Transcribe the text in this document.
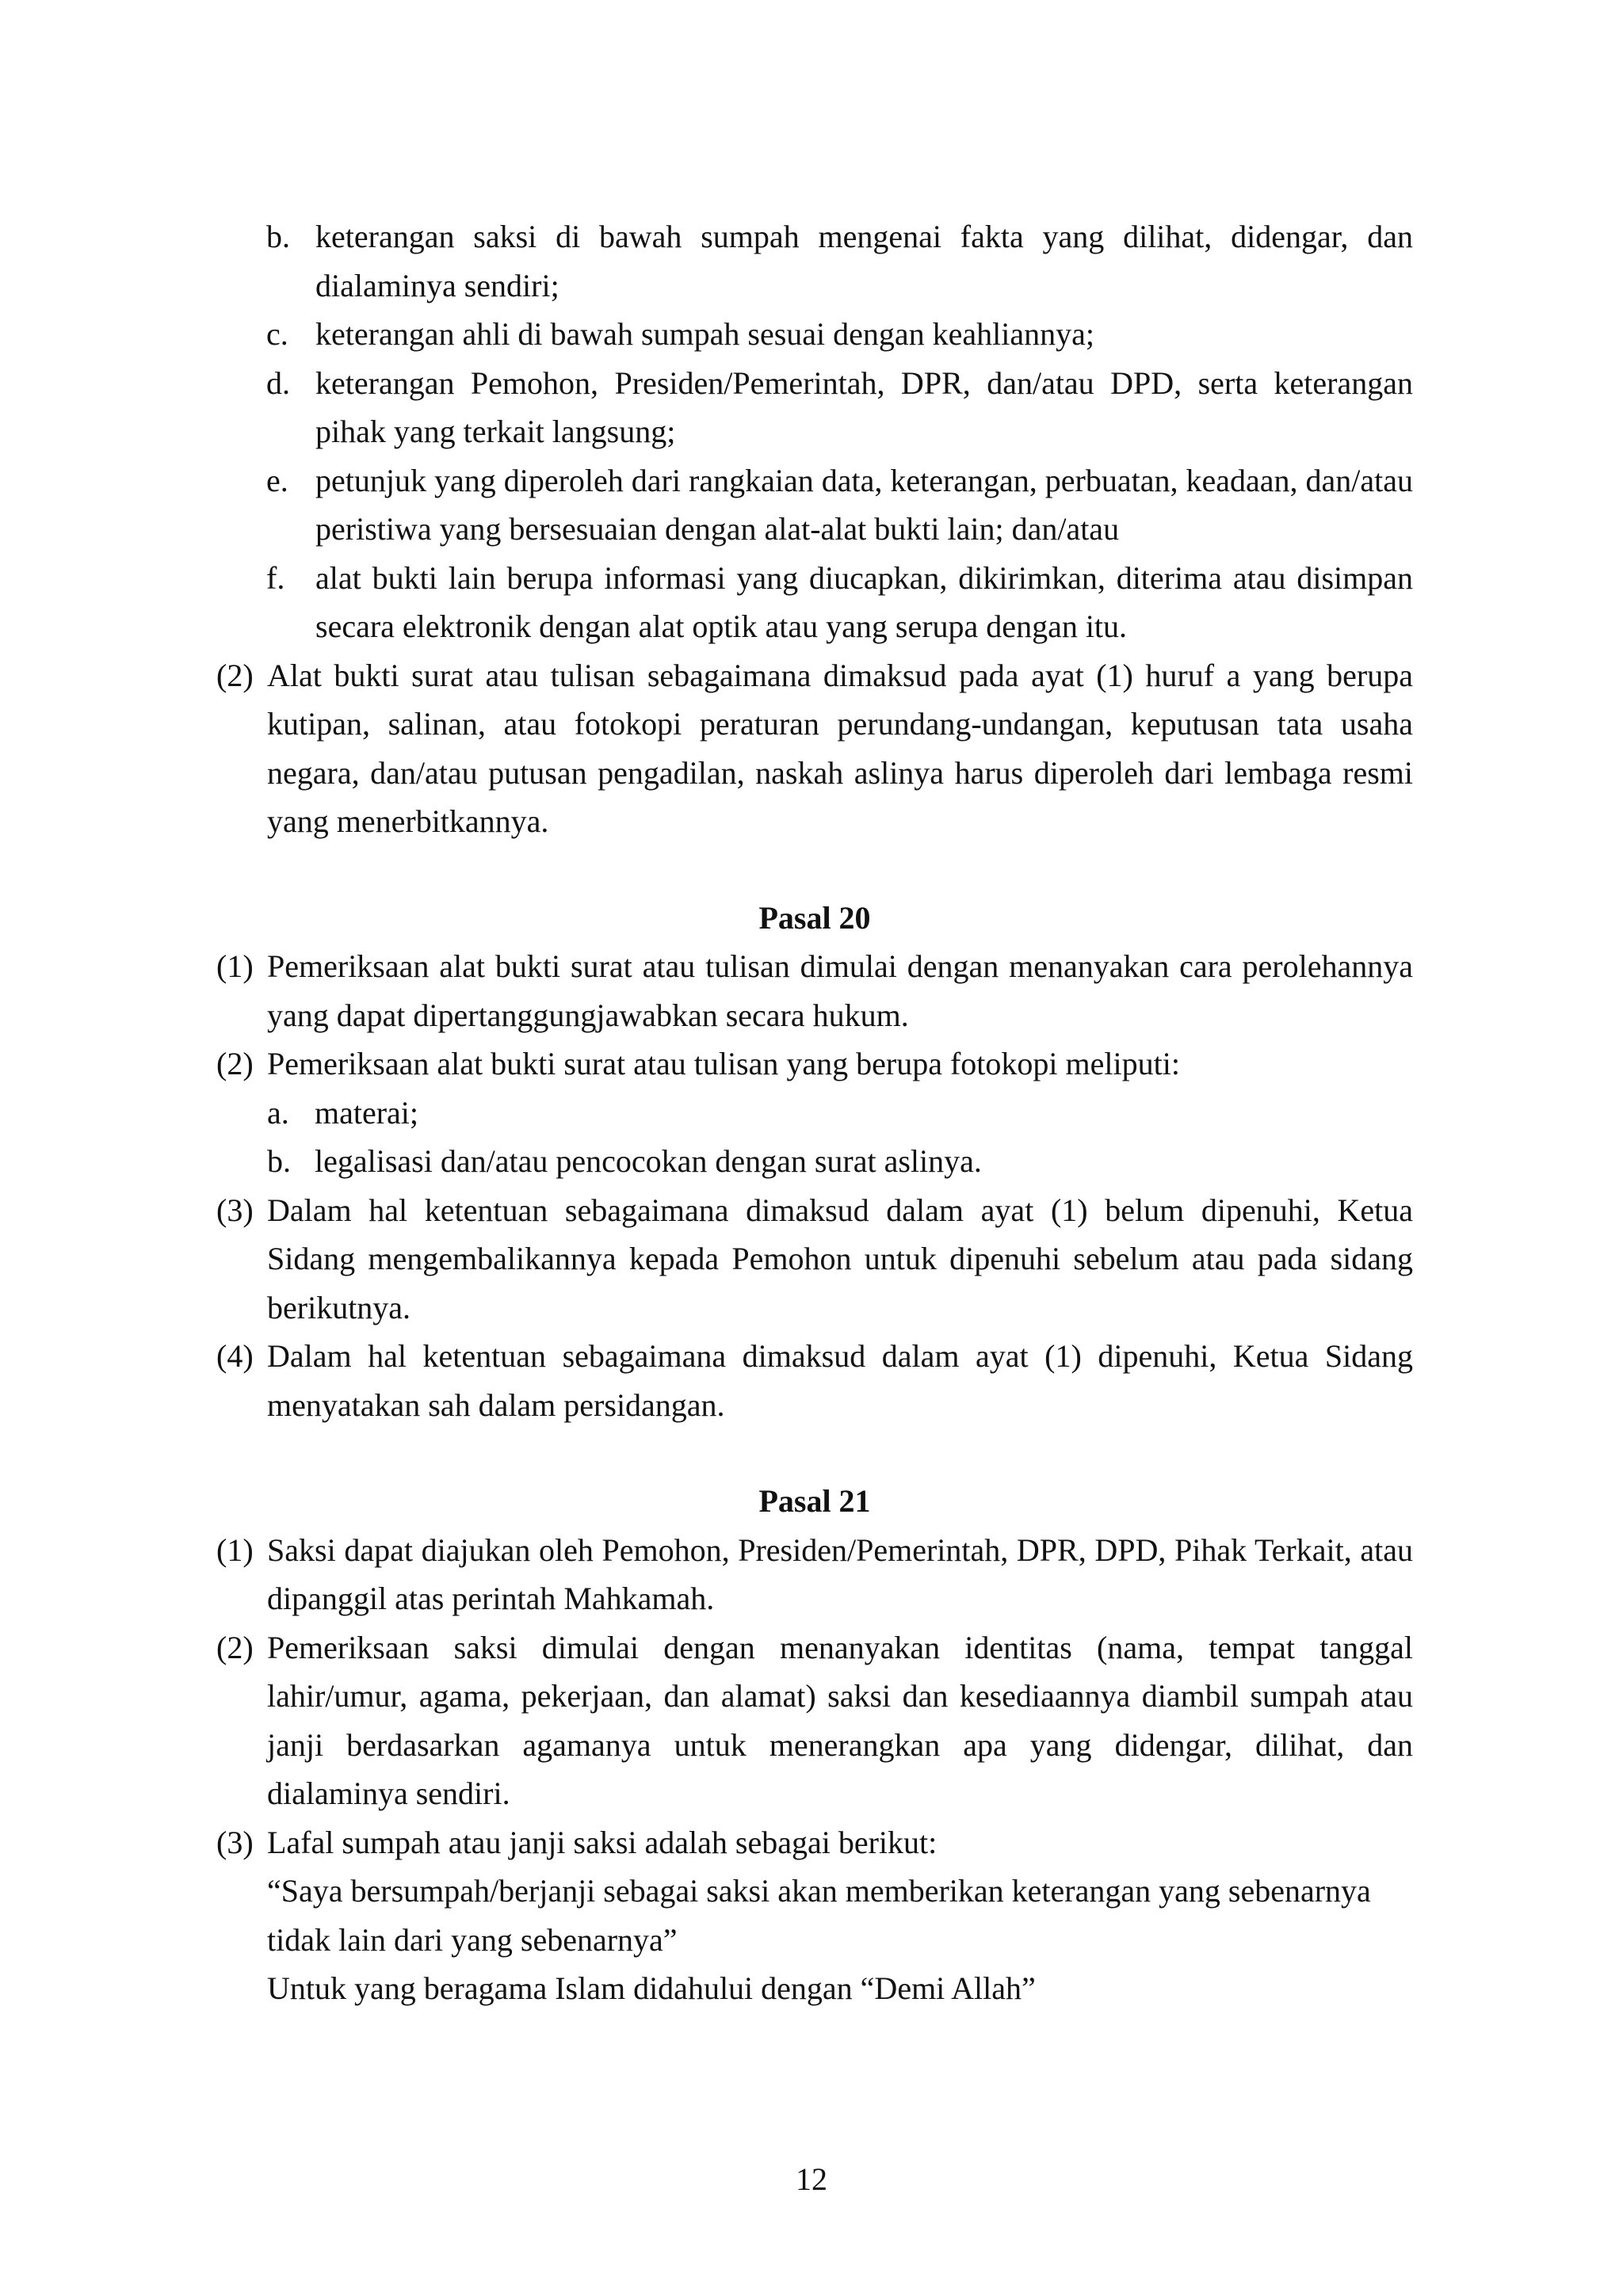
b. keterangan saksi di bawah sumpah mengenai fakta yang dilihat, didengar, dan dialaminya sendiri;

c. keterangan ahli di bawah sumpah sesuai dengan keahliannya;

d. keterangan Pemohon, Presiden/Pemerintah, DPR, dan/atau DPD, serta keterangan pihak yang terkait langsung;

e. petunjuk yang diperoleh dari rangkaian data, keterangan, perbuatan, keadaan, dan/atau peristiwa yang bersesuaian dengan alat-alat bukti lain; dan/atau

f. alat bukti lain berupa informasi yang diucapkan, dikirimkan, diterima atau disimpan secara elektronik dengan alat optik atau yang serupa dengan itu.

(2) Alat bukti surat atau tulisan sebagaimana dimaksud pada ayat (1) huruf a yang berupa kutipan, salinan, atau fotokopi peraturan perundang-undangan, keputusan tata usaha negara, dan/atau putusan pengadilan, naskah aslinya harus diperoleh dari lembaga resmi yang menerbitkannya.

Pasal 20

(1) Pemeriksaan alat bukti surat atau tulisan dimulai dengan menanyakan cara perolehannya yang dapat dipertanggungjawabkan secara hukum.

(2) Pemeriksaan alat bukti surat atau tulisan yang berupa fotokopi meliputi:

a. materai;

b. legalisasi dan/atau pencocokan dengan surat aslinya.

(3) Dalam hal ketentuan sebagaimana dimaksud dalam ayat (1) belum dipenuhi, Ketua Sidang mengembalikannya kepada Pemohon untuk dipenuhi sebelum atau pada sidang berikutnya.

(4) Dalam hal ketentuan sebagaimana dimaksud dalam ayat (1) dipenuhi, Ketua Sidang menyatakan sah dalam persidangan.

Pasal 21

(1) Saksi dapat diajukan oleh Pemohon, Presiden/Pemerintah, DPR, DPD, Pihak Terkait, atau dipanggil atas perintah Mahkamah.

(2) Pemeriksaan saksi dimulai dengan menanyakan identitas (nama, tempat tanggal lahir/umur, agama, pekerjaan, dan alamat) saksi dan kesediaannya diambil sumpah atau janji berdasarkan agamanya untuk menerangkan apa yang didengar, dilihat, dan dialaminya sendiri.

(3) Lafal sumpah atau janji saksi adalah sebagai berikut:

“Saya bersumpah/berjanji sebagai saksi akan memberikan keterangan yang sebenarnya tidak lain dari yang sebenarnya”

Untuk yang beragama Islam didahului dengan “Demi Allah”

12
